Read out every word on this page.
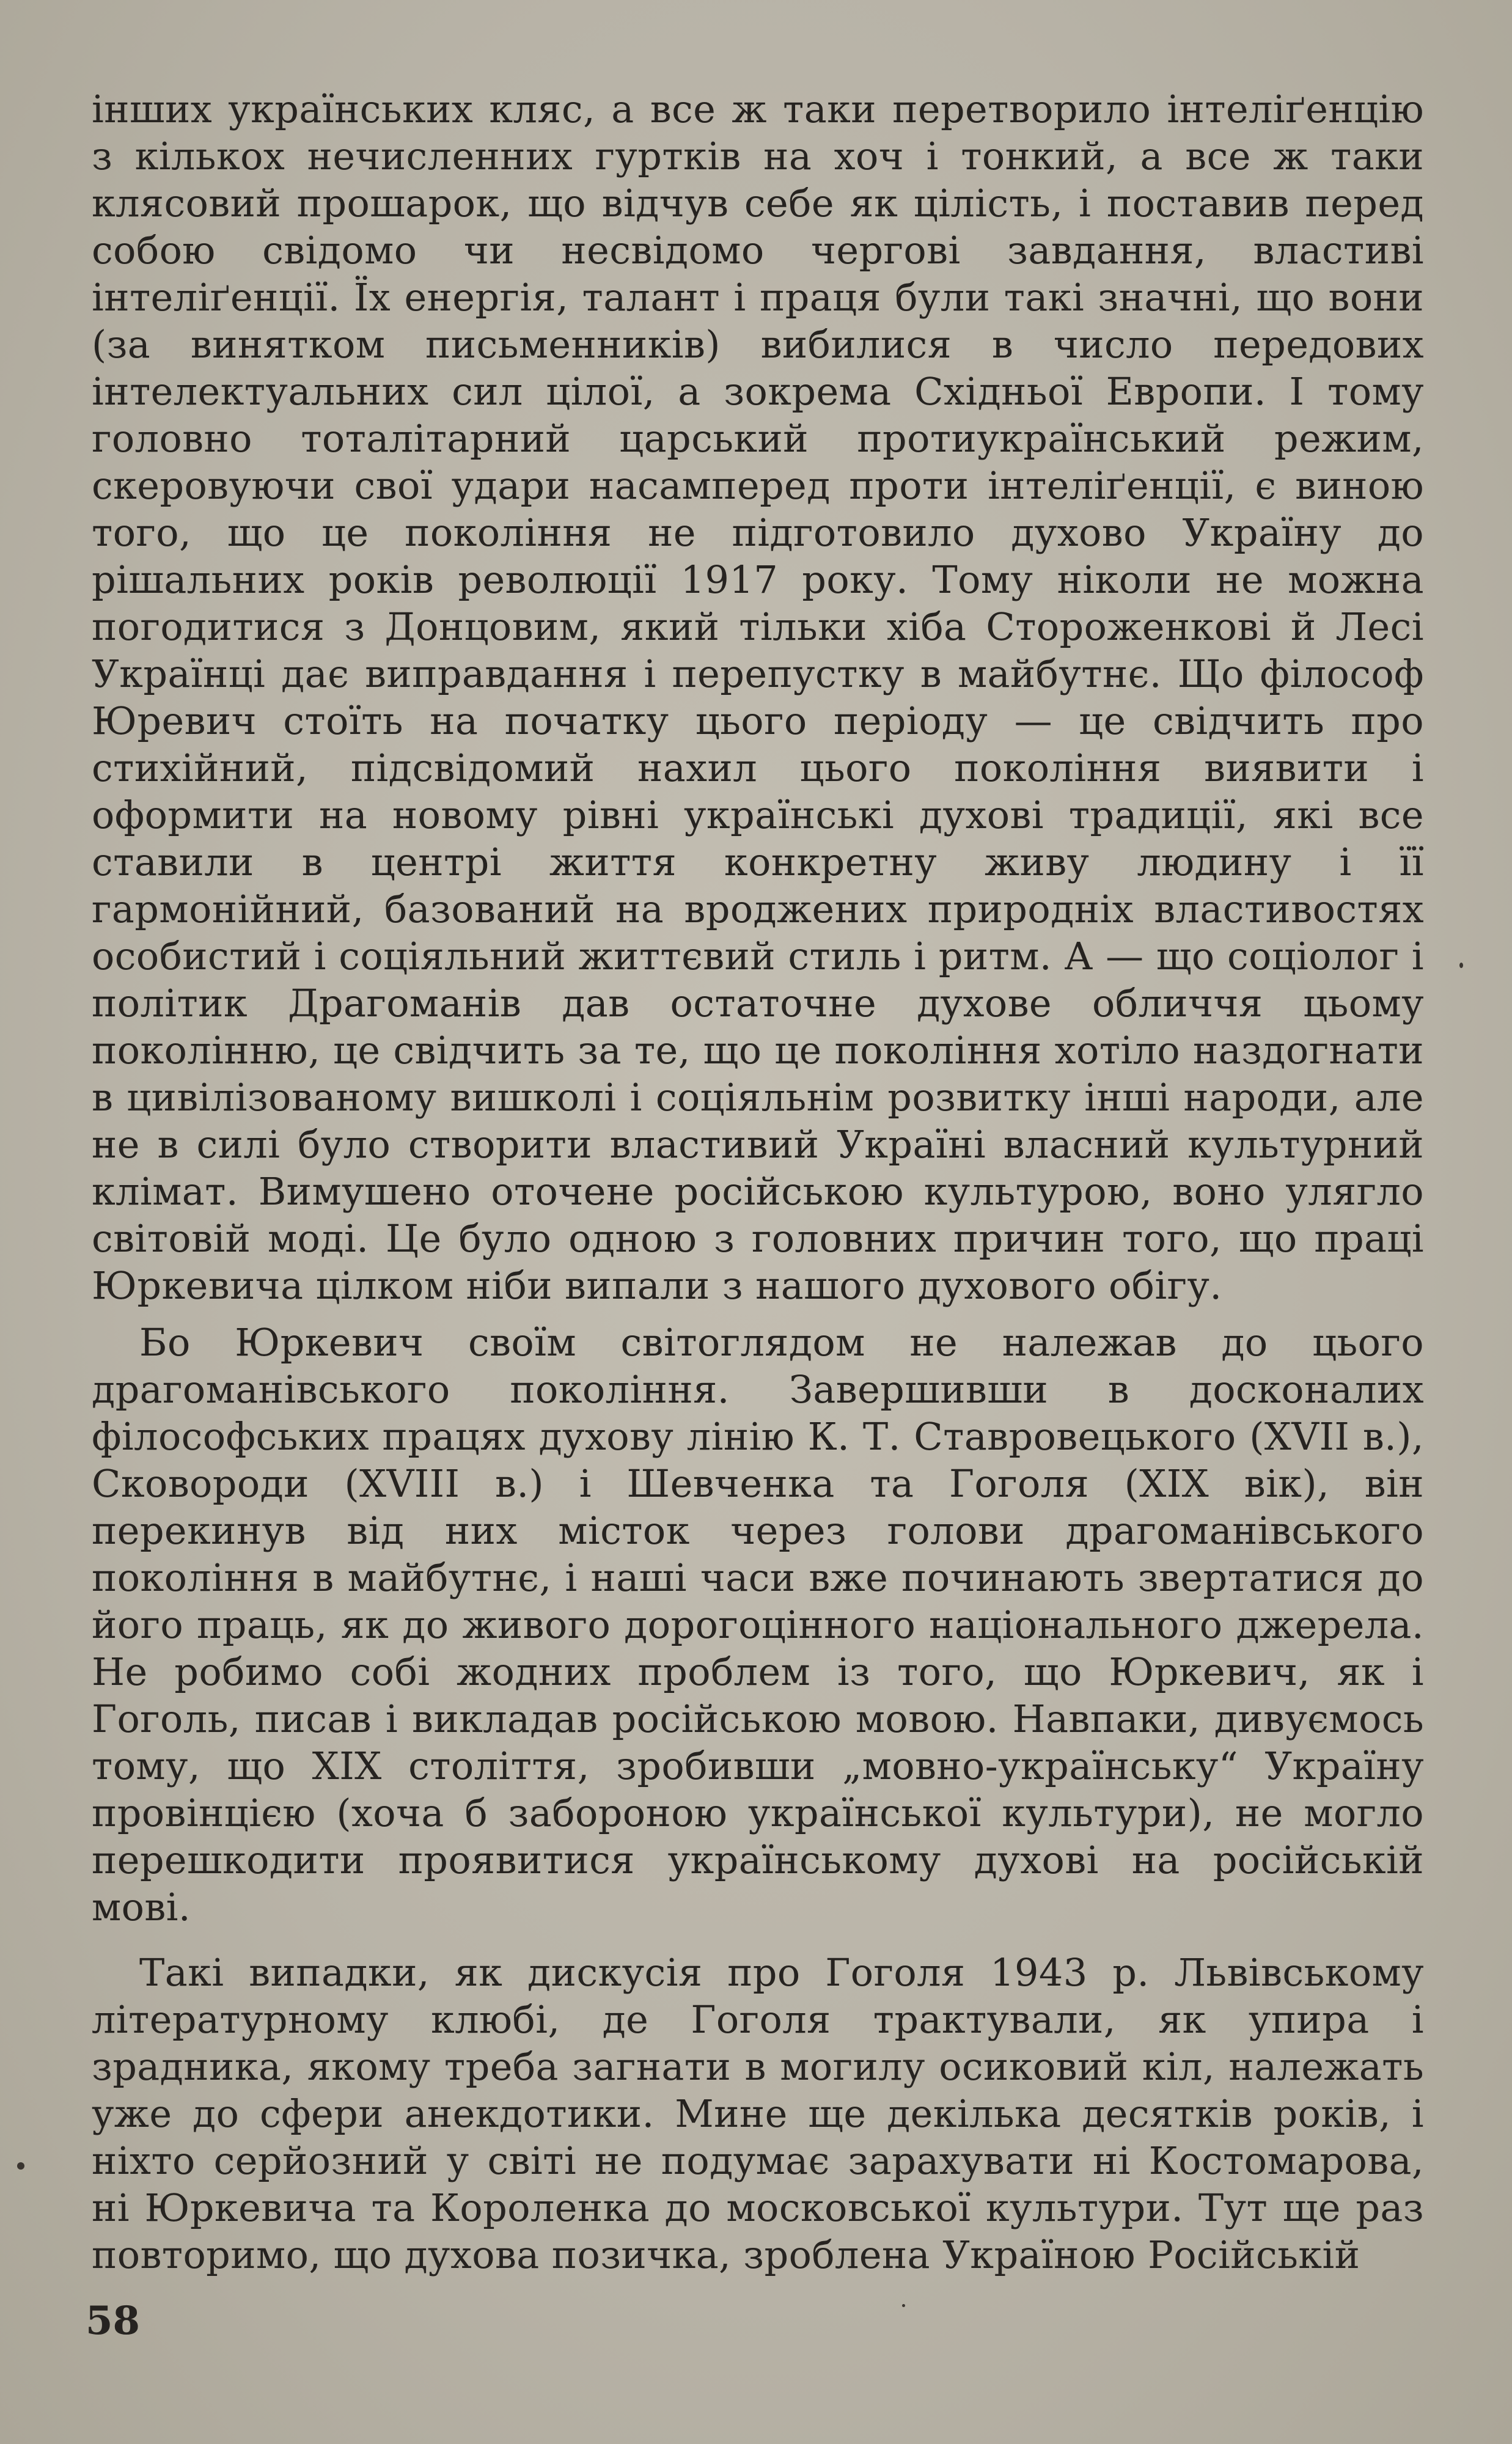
інших українських кляс, а все ж таки перетворило інтеліґенцію з кількох нечисленних гуртків на хоч і тонкий, а все ж таки клясовий прошарок, що відчув себе як цілість, і поставив перед собою свідомо чи несвідомо чергові завдання, властиві інтеліґенції. Їх енергія, талант і праця були такі значні, що вони (за винятком письменників) вибилися в число передових інтелектуальних сил цілої, а зокрема Східньої Европи. І тому головно тоталітарний царський протиукраїнський режим, скеровуючи свої удари насамперед проти інтеліґенції, є виною того, що це покоління не підготовило духово Україну до рішальних років революції 1917 року. Тому нікoли не можна погодитися з Донцовим, який тільки хіба Стороженкові й Лесі Українці дає виправдання і перепустку в майбутнє. Що філософ Юревич стоїть на початку цього періоду — це свідчить про стихійний, підсвідомий нахил цього покоління виявити і оформити на новому рівні українські духові традиції, які все ставили в центрі життя конкретну живу людину і її гармонійний, базований на вроджених природніх властивостях особистий і соціяльний життєвий стиль і ритм. А — що соціолог і політик Драгоманів дав остаточне духове обличчя цьому поколінню, це свідчить за те, що це покоління хотіло наздогнати в цивілізованому вишколі і соціяльнім розвитку інші народи, але не в силі було створити властивий Україні власний культурний клімат. Вимушено оточене російською культурою, воно улягло світовій моді. Це було одною з головних причин того, що праці Юркевича цілком ніби випали з нашого духового обігу.

Бо Юркевич своїм світоглядом не належав до цього драгоманівського покоління. Завершивши в досконалих філософських працях духову лінію К. Т. Ставровецького (XVII в.), Сковороди (XVIII в.) і Шевченка та Гоголя (XIX вік), він перекинув від них місток через голови драгоманівського покоління в майбутнє, і наші часи вже починають звертатися до його праць, як до живого дорогоцінного національного джерела. Не робимо собі жодних проблем із того, що Юркевич, як і Гоголь, писав і викладав російською мовою. Навпаки, дивуємось тому, що XIX століття, зробивши „мовно-українську“ Україну провінцією (хоча б забороною української культури), не могло перешкодити проявитися українському духові на російській мові.

Такі випадки, як дискусія про Гоголя 1943 р. Львівському літературному клюбі, де Гоголя трактували, як упира і зрадника, якому треба загнати в могилу осиковий кіл, належать уже до сфери анекдотики. Мине ще декілька десятків років, і ніхто серйозний у світі не подумає зарахувати ні Костомарова, ні Юркевича та Короленка до московської культури. Тут ще раз повторимо, що духова позичка, зроблена Україною Російській

58
